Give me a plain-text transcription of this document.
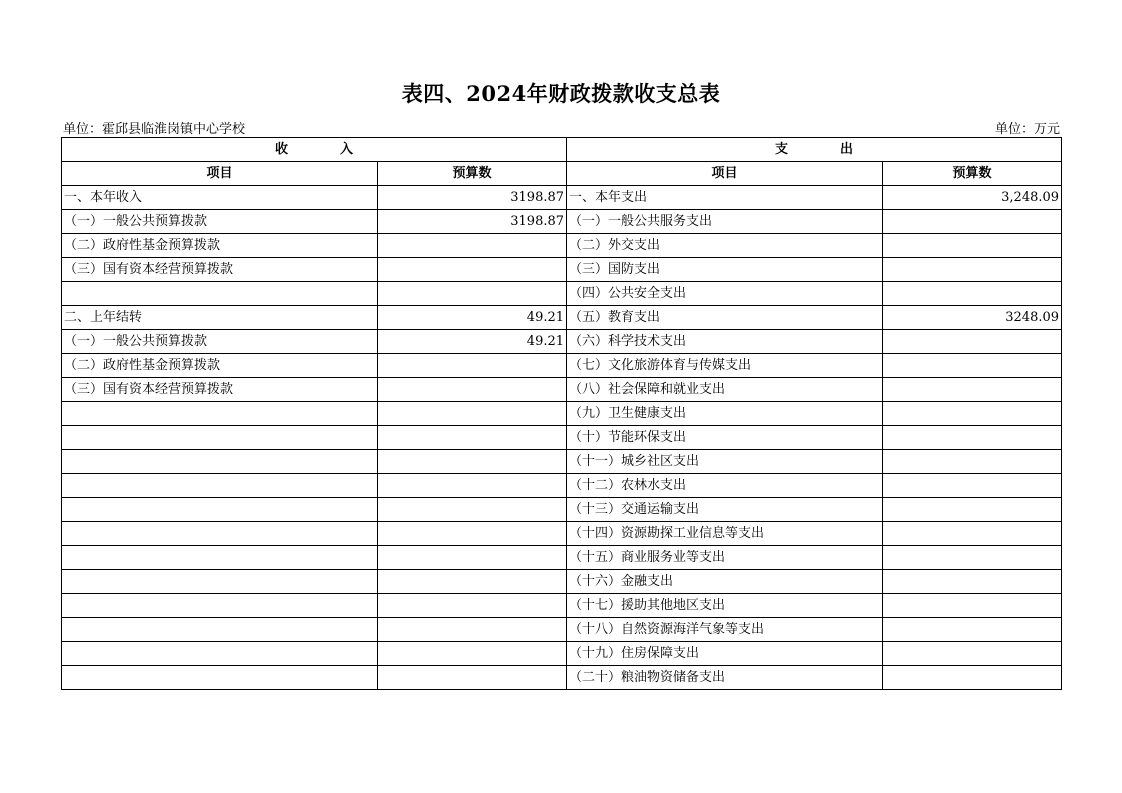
表四、2024年财政拨款收支总表
单位：霍邱县临淮岗镇中心学校	单位：万元
收　　　　入		支　　　　出	
项目	预算数	项目	预算数
一、本年收入	3198.87	一、本年支出	3,248.09
（一）一般公共预算拨款	3198.87	（一）一般公共服务支出	
（二）政府性基金预算拨款		（二）外交支出	
（三）国有资本经营预算拨款		（三）国防支出	
		（四）公共安全支出	
二、上年结转	49.21	（五）教育支出	3248.09
（一）一般公共预算拨款	49.21	（六）科学技术支出	
（二）政府性基金预算拨款		（七）文化旅游体育与传媒支出	
（三）国有资本经营预算拨款		（八）社会保障和就业支出	
		（九）卫生健康支出	
		（十）节能环保支出	
		（十一）城乡社区支出	
		（十二）农林水支出	
		（十三）交通运输支出	
		（十四）资源勘探工业信息等支出	
		（十五）商业服务业等支出	
		（十六）金融支出	
		（十七）援助其他地区支出	
		（十八）自然资源海洋气象等支出	
		（十九）住房保障支出	
		（二十）粮油物资储备支出	
